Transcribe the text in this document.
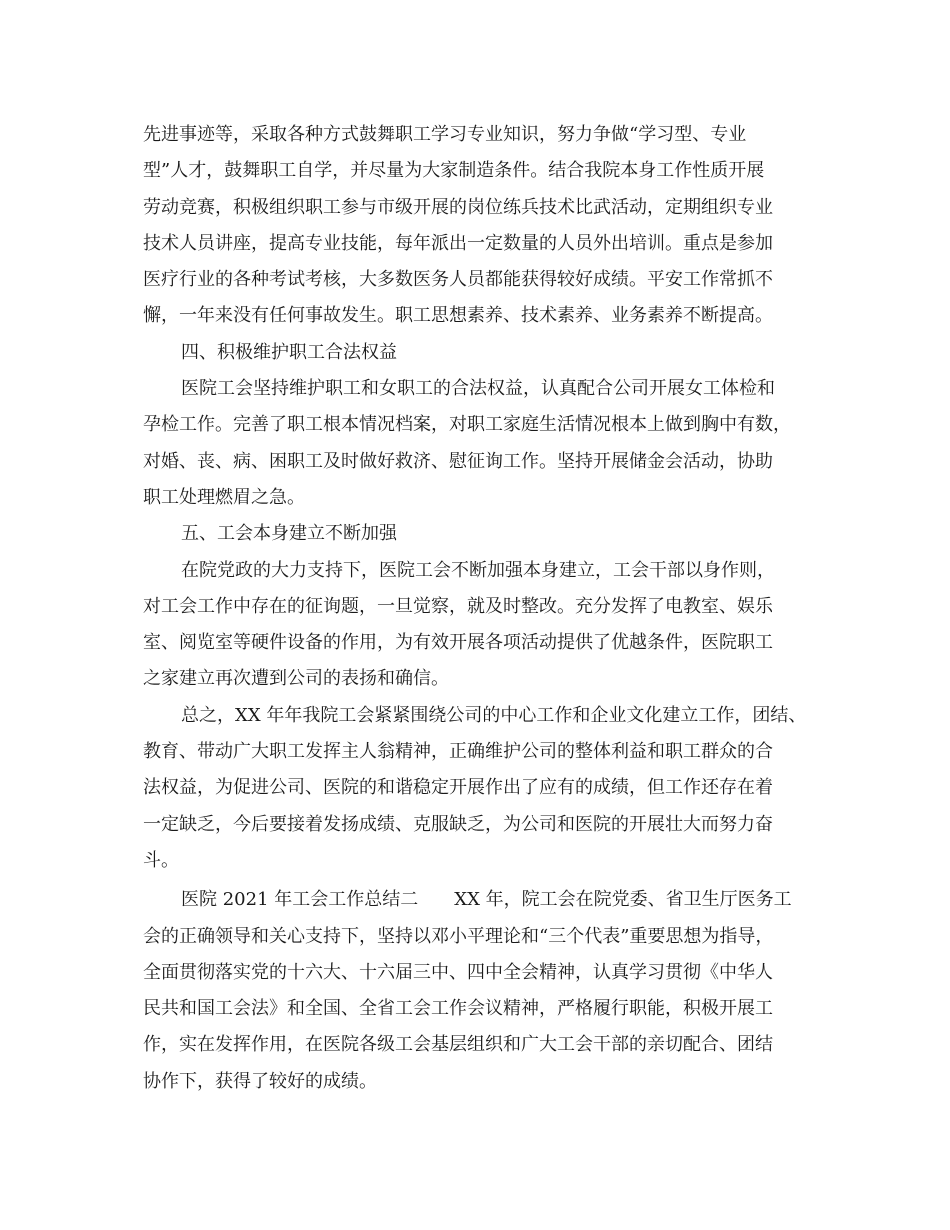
先进事迹等，采取各种方式鼓舞职工学习专业知识，努力争做“学习型、专业
型”人才，鼓舞职工自学，并尽量为大家制造条件。结合我院本身工作性质开展
劳动竞赛，积极组织职工参与市级开展的岗位练兵技术比武活动，定期组织专业
技术人员讲座，提高专业技能，每年派出一定数量的人员外出培训。重点是参加
医疗行业的各种考试考核，大多数医务人员都能获得较好成绩。平安工作常抓不
懈，一年来没有任何事故发生。职工思想素养、技术素养、业务素养不断提高。
四、积极维护职工合法权益
医院工会坚持维护职工和女职工的合法权益，认真配合公司开展女工体检和
孕检工作。完善了职工根本情况档案，对职工家庭生活情况根本上做到胸中有数，
对婚、丧、病、困职工及时做好救济、慰征询工作。坚持开展储金会活动，协助
职工处理燃眉之急。
五、工会本身建立不断加强
在院党政的大力支持下，医院工会不断加强本身建立，工会干部以身作则，
对工会工作中存在的征询题，一旦觉察，就及时整改。充分发挥了电教室、娱乐
室、阅览室等硬件设备的作用，为有效开展各项活动提供了优越条件，医院职工
之家建立再次遭到公司的表扬和确信。
总之，XX 年年我院工会紧紧围绕公司的中心工作和企业文化建立工作，团结、
教育、带动广大职工发挥主人翁精神，正确维护公司的整体利益和职工群众的合
法权益，为促进公司、医院的和谐稳定开展作出了应有的成绩，但工作还存在着
一定缺乏，今后要接着发扬成绩、克服缺乏，为公司和医院的开展壮大而努力奋
斗。
医院 2021 年工会工作总结二　　XX 年，院工会在院党委、省卫生厅医务工
会的正确领导和关心支持下，坚持以邓小平理论和“三个代表”重要思想为指导，
全面贯彻落实党的十六大、十六届三中、四中全会精神，认真学习贯彻《中华人
民共和国工会法》和全国、全省工会工作会议精神，严格履行职能，积极开展工
作，实在发挥作用，在医院各级工会基层组织和广大工会干部的亲切配合、团结
协作下，获得了较好的成绩。
